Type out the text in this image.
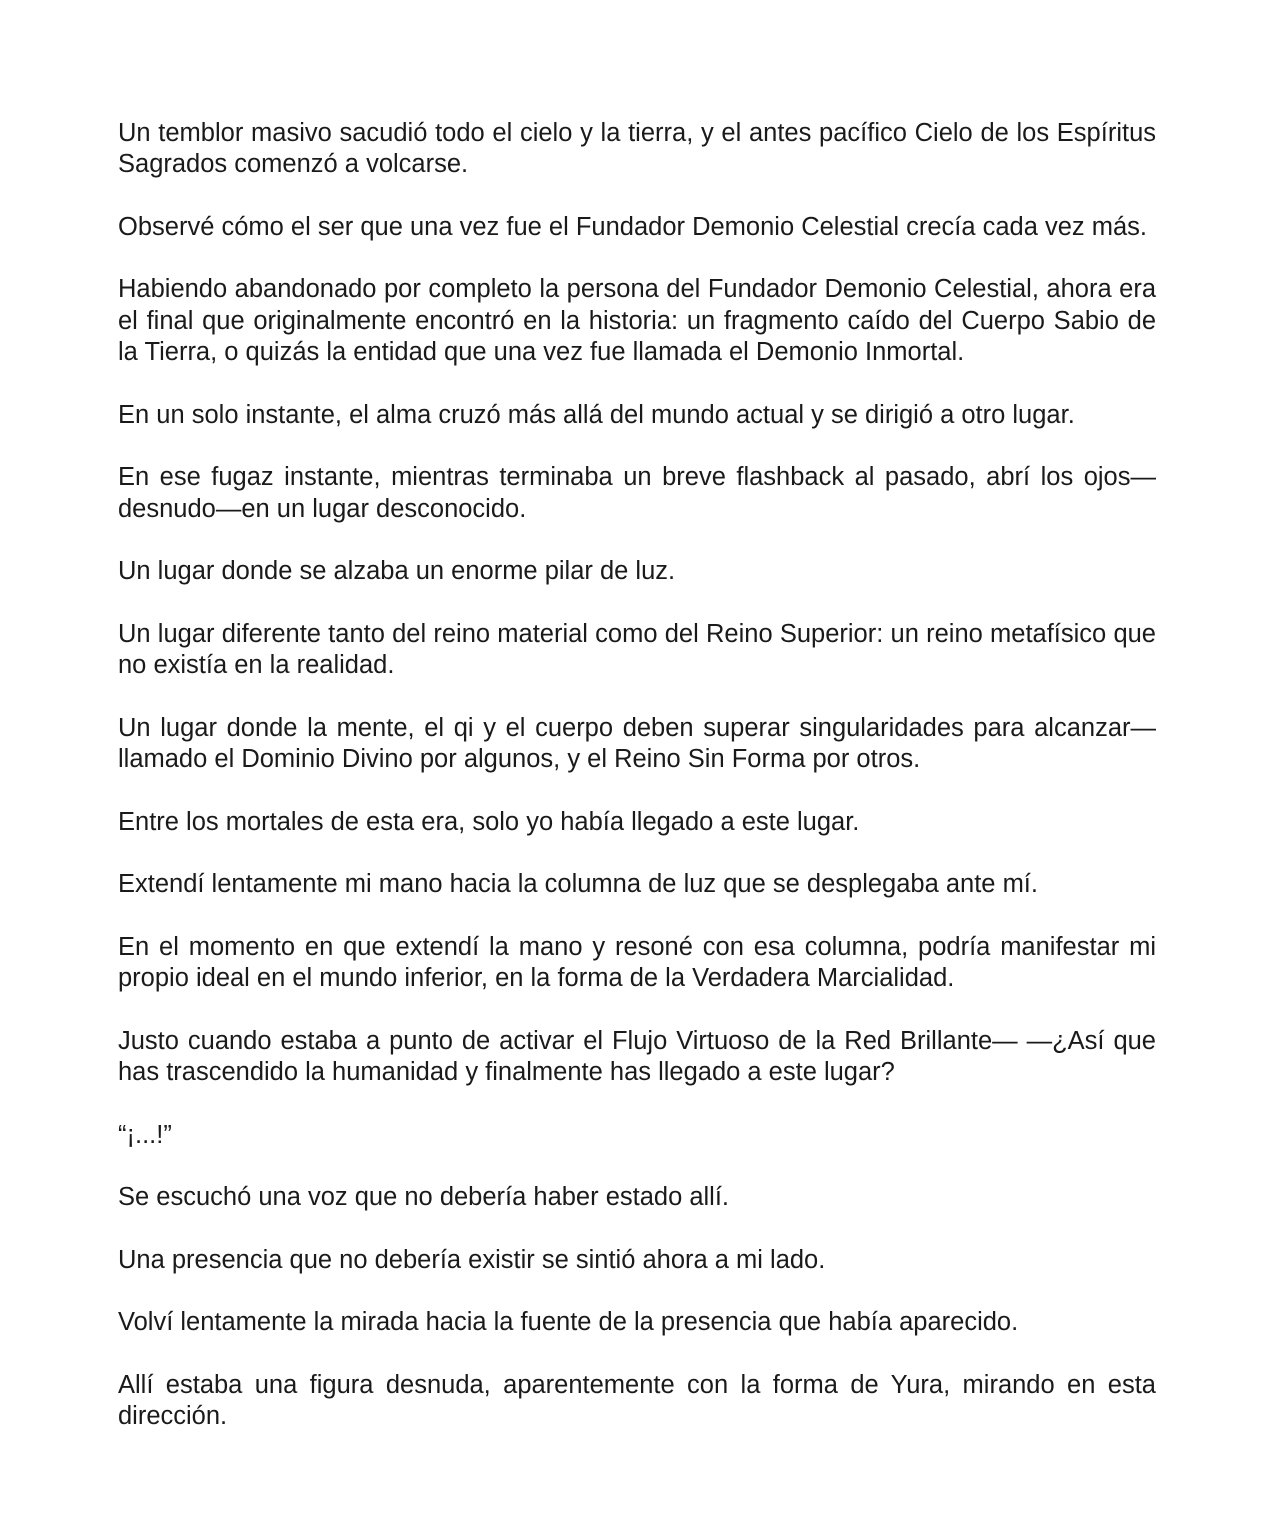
Un temblor masivo sacudió todo el cielo y la tierra, y el antes pacífico Cielo de los Espíritus Sagrados comenzó a volcarse.

Observé cómo el ser que una vez fue el Fundador Demonio Celestial crecía cada vez más.

Habiendo abandonado por completo la persona del Fundador Demonio Celestial, ahora era el final que originalmente encontró en la historia: un fragmento caído del Cuerpo Sabio de la Tierra, o quizás la entidad que una vez fue llamada el Demonio Inmortal.

En un solo instante, el alma cruzó más allá del mundo actual y se dirigió a otro lugar.

En ese fugaz instante, mientras terminaba un breve flashback al pasado, abrí los ojos—desnudo—en un lugar desconocido.

Un lugar donde se alzaba un enorme pilar de luz.

Un lugar diferente tanto del reino material como del Reino Superior: un reino metafísico que no existía en la realidad.

Un lugar donde la mente, el qi y el cuerpo deben superar singularidades para alcanzar—llamado el Dominio Divino por algunos, y el Reino Sin Forma por otros.

Entre los mortales de esta era, solo yo había llegado a este lugar.

Extendí lentamente mi mano hacia la columna de luz que se desplegaba ante mí.

En el momento en que extendí la mano y resoné con esa columna, podría manifestar mi propio ideal en el mundo inferior, en la forma de la Verdadera Marcialidad.

Justo cuando estaba a punto de activar el Flujo Virtuoso de la Red Brillante— —¿Así que has trascendido la humanidad y finalmente has llegado a este lugar?

“¡...!”

Se escuchó una voz que no debería haber estado allí.

Una presencia que no debería existir se sintió ahora a mi lado.

Volví lentamente la mirada hacia la fuente de la presencia que había aparecido.

Allí estaba una figura desnuda, aparentemente con la forma de Yura, mirando en esta dirección.
